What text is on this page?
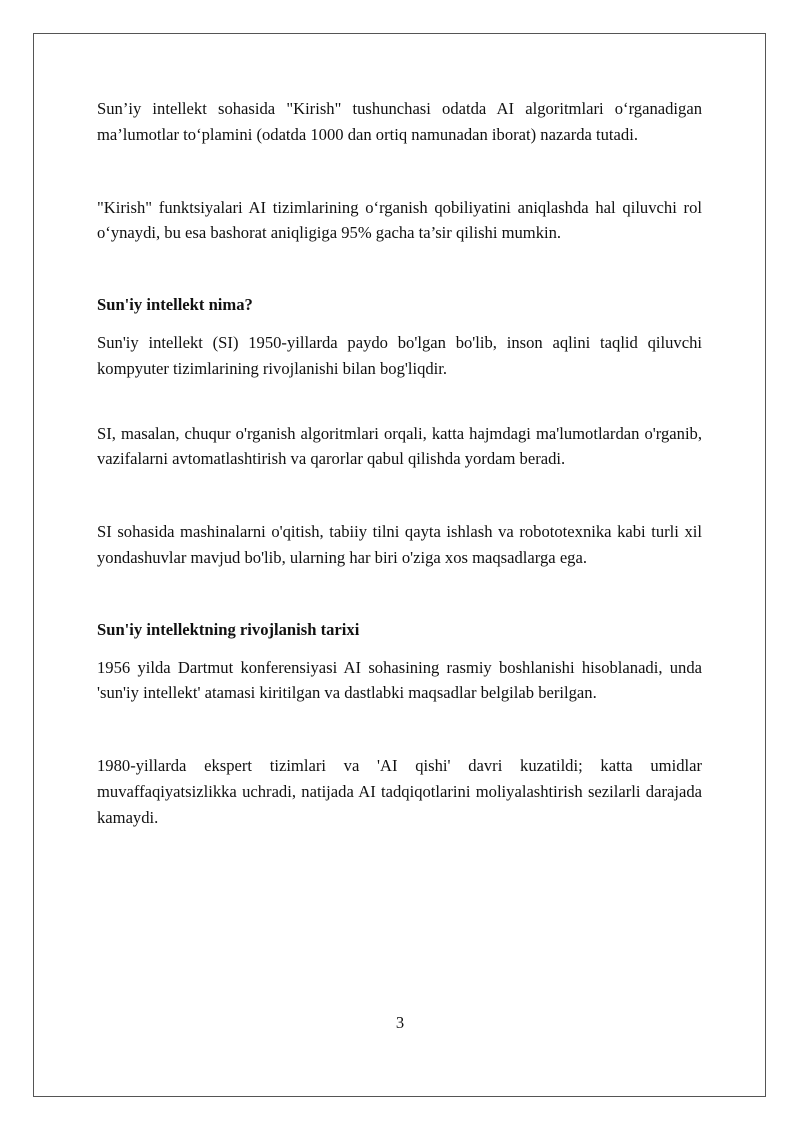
Sun’iy intellekt sohasida "Kirish" tushunchasi odatda AI algoritmlari o‘rganadigan ma’lumotlar to‘plamini (odatda 1000 dan ortiq namunadan iborat) nazarda tutadi.

"Kirish" funktsiyalari AI tizimlarining o‘rganish qobiliyatini aniqlashda hal qiluvchi rol o‘ynaydi, bu esa bashorat aniqligiga 95% gacha ta’sir qilishi mumkin.

Sun'iy intellekt nima?

Sun'iy intellekt (SI) 1950-yillarda paydo bo'lgan bo'lib, inson aqlini taqlid qiluvchi kompyuter tizimlarining rivojlanishi bilan bog'liqdir.

SI, masalan, chuqur o'rganish algoritmlari orqali, katta hajmdagi ma'lumotlardan o'rganib, vazifalarni avtomatlashtirish va qarorlar qabul qilishda yordam beradi.

SI sohasida mashinalarni o'qitish, tabiiy tilni qayta ishlash va robototexnika kabi turli xil yondashuvlar mavjud bo'lib, ularning har biri o'ziga xos maqsadlarga ega.

Sun'iy intellektning rivojlanish tarixi

1956 yilda Dartmut konferensiyasi AI sohasining rasmiy boshlanishi hisoblanadi, unda 'sun'iy intellekt' atamasi kiritilgan va dastlabki maqsadlar belgilab berilgan.

1980-yillarda ekspert tizimlari va 'AI qishi' davri kuzatildi; katta umidlar muvaffaqiyatsizlikka uchradi, natijada AI tadqiqotlarini moliyalashtirish sezilarli darajada kamaydi.

3
